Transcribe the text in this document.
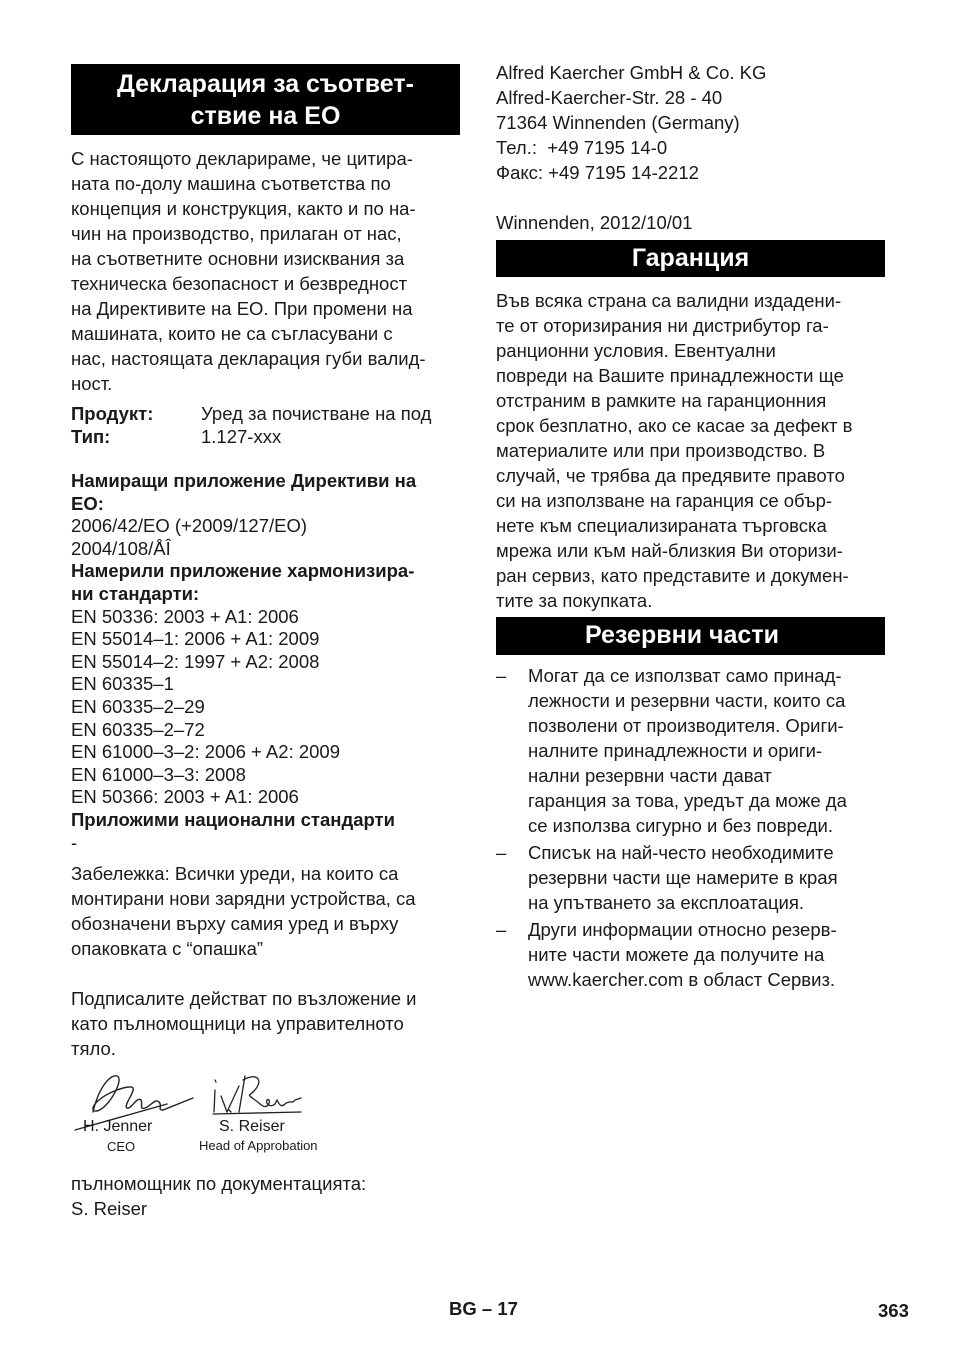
Декларация за съответ-
ствие на ЕО

С настоящото декларираме, че цитира-

ната по-долу машина съответства по

концепция и конструкция, както и по на-

чин на производство, прилаган от нас,

на съответните основни изисквания за

техническа безопасност и безвредност

на Директивите на ЕО. При промени на

машината, които не са съгласувани с

нас, настоящата декларация губи валид-

ност.

Продукт:	Уред за почистване на под
Тип:	1.127-xxx

Намиращи приложение Директиви на

ЕО:

2006/42/ЕО (+2009/127/ЕО)

2004/108/ÅÎ

Намерили приложение хармонизира-

ни стандарти:

EN 50336: 2003 + A1: 2006

EN 55014–1: 2006 + A1: 2009

EN 55014–2: 1997 + A2: 2008

EN 60335–1

EN 60335–2–29

EN 60335–2–72

EN 61000–3–2: 2006 + A2: 2009

EN 61000–3–3: 2008

EN 50366: 2003 + A1: 2006

Приложими национални стандарти

-

Забележка: Всички уреди, на които са

монтирани нови зарядни устройства, са

обозначени върху самия уред и върху

опаковката с “опашка”

Подписалите действат по възложение и

като пълномощници на управителното

тяло.

H. Jenner
CEO
S. Reiser
Head of Approbation

пълномощник по документацията:

S. Reiser

Alfred Kaercher GmbH & Co. KG

Alfred-Kaercher-Str. 28 - 40

71364 Winnenden (Germany)

Тел.:  +49 7195 14-0

Факс: +49 7195 14-2212

Winnenden, 2012/10/01

Гаранция

Във всяка страна са валидни издадени-

те от оторизирания ни дистрибутор га-

ранционни условия. Евентуални

повреди на Вашите принадлежности ще

отстраним в рамките на гаранционния

срок безплатно, ако се касае за дефект в

материалите или при производство. В

случай, че трябва да предявите правото

си на използване на гаранция се обър-

нете към специализираната търговска

мрежа или към най-близкия Ви оторизи-

ран сервиз, като представите и докумен-

тите за покупката.

Резервни части
–	Могат да се използват само принад-
лежности и резервни части, които са
позволени от производителя. Ориги-
налните принадлежности и ориги-
нални резервни части дават
гаранция за това, уредът да може да
се използва сигурно и без повреди.
–	Списък на най-често необходимите
резервни части ще намерите в края
на упътването за експлоатация.
–	Други информации относно резерв-
ните части можете да получите на
www.kaercher.com в област Сервиз.
BG – 17	363
